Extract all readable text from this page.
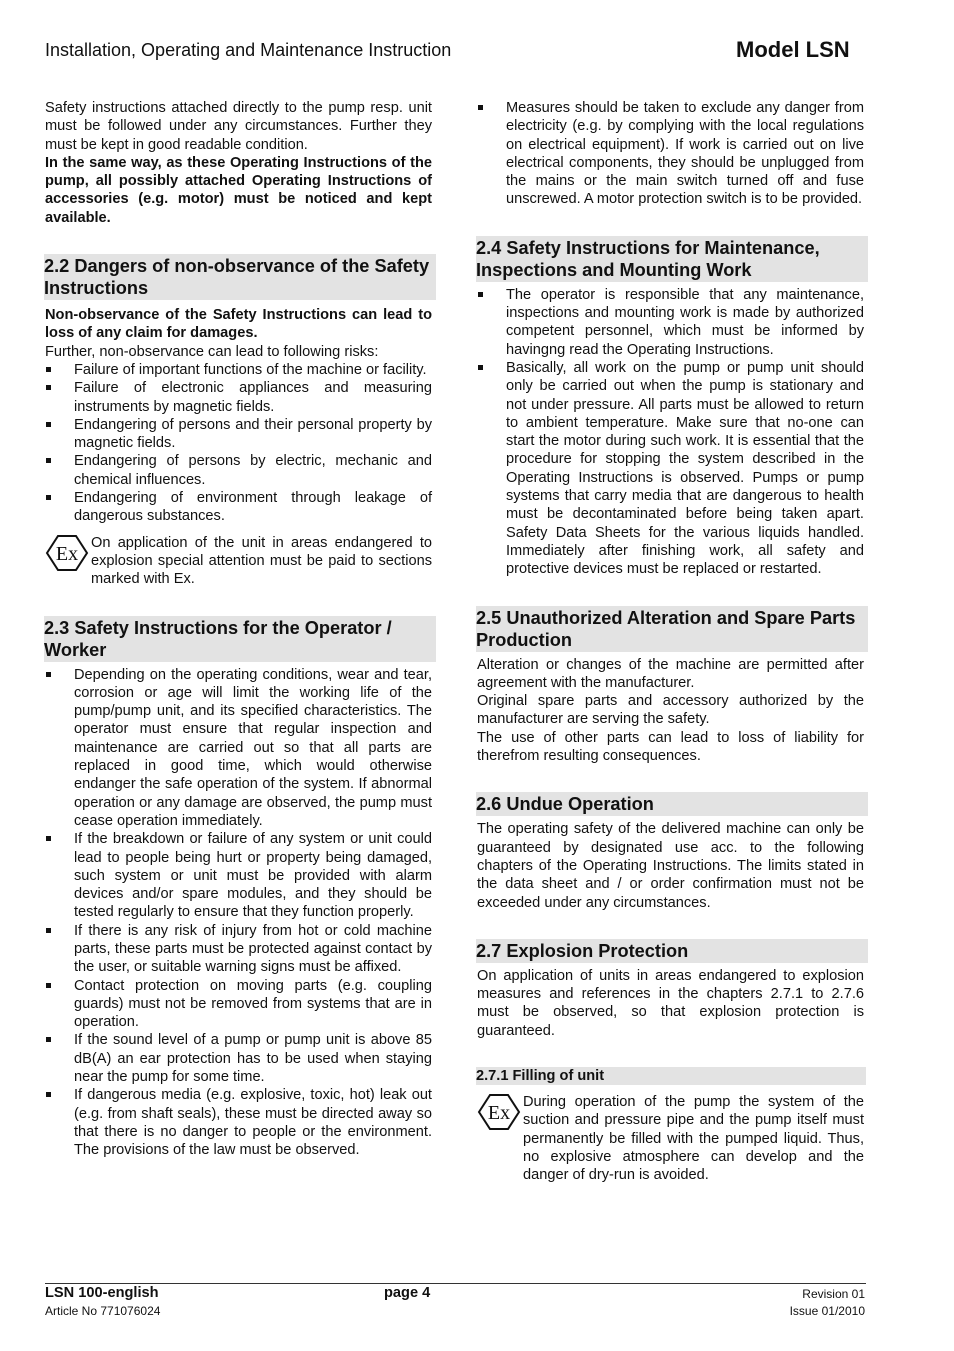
Installation, Operating and Maintenance Instruction	Model LSN

Safety instructions attached directly to the pump resp. unit must be followed under any circumstances. Further they must be kept in good readable condition.

In the same way, as these Operating Instructions of the pump, all possibly attached Operating Instructions of accessories (e.g. motor) must be noticed and kept available.

2.2 Dangers of non-observance of the Safety Instructions

Non-observance of the Safety Instructions can lead to loss of any claim for damages.

Further, non-observance can lead to following risks:

Failure of important functions of the machine or facility.
Failure of electronic appliances and measuring instruments by magnetic fields.
Endangering of persons and their personal property by magnetic fields.
Endangering of persons by electric, mechanic and chemical influences.
Endangering of environment through leakage of dangerous substances.
Ex On application of the unit in areas endangered to explosion special attention must be paid to sections marked with Ex.

2.3 Safety Instructions for the Operator / Worker
Depending on the operating conditions, wear and tear, corrosion or age will limit the working life of the pump/pump unit, and its specified characteristics. The operator must ensure that regular inspection and maintenance are carried out so that all parts are replaced in good time, which would otherwise endanger the safe operation of the system. If abnormal operation or any damage are observed, the pump must cease operation immediately.
If the breakdown or failure of any system or unit could lead to people being hurt or property being damaged, such system or unit must be provided with alarm devices and/or spare modules, and they should be tested regularly to ensure that they function properly.
If there is any risk of injury from hot or cold machine parts, these parts must be protected against contact by the user, or suitable warning signs must be affixed.
Contact protection on moving parts (e.g. coupling guards) must not be removed from systems that are in operation.
If the sound level of a pump or pump unit is above 85 dB(A) an ear protection has to be used when staying near the pump for some time.
If dangerous media (e.g. explosive, toxic, hot) leak out (e.g. from shaft seals), these must be directed away so that there is no danger to people or the environment. The provisions of the law must be observed.
Measures should be taken to exclude any danger from electricity (e.g. by complying with the local regulations on electrical equipment). If work is carried out on live electrical components, they should be unplugged from the mains or the main switch turned off and fuse unscrewed. A motor protection switch is to be provided.
2.4 Safety Instructions for Maintenance, Inspections and Mounting Work
The operator is responsible that any maintenance, inspections and mounting work is made by authorized competent personnel, which must be informed by havingng read the Operating Instructions.
Basically, all work on the pump or pump unit should only be carried out when the pump is stationary and not under pressure. All parts must be allowed to return to ambient temperature. Make sure that no-one can start the motor during such work. It is essential that the procedure for stopping the system described in the Operating Instructions is observed. Pumps or pump systems that carry media that are dangerous to health must be decontaminated before being taken apart. Safety Data Sheets for the various liquids handled. Immediately after finishing work, all safety and protective devices must be replaced or restarted.
2.5 Unauthorized Alteration and Spare Parts Production

Alteration or changes of the machine are permitted after agreement with the manufacturer.

Original spare parts and accessory authorized by the manufacturer are serving the safety.

The use of other parts can lead to loss of liability for therefrom resulting consequences.

2.6 Undue Operation

The operating safety of the delivered machine can only be guaranteed by designated use acc. to the following chapters of the Operating Instructions. The limits stated in the data sheet and / or order confirmation must not be exceeded under any circumstances.

2.7 Explosion Protection

On application of units in areas endangered to explosion measures and references in the chapters 2.7.1 to 2.7.6 must be observed, so that explosion protection is guaranteed.

2.7.1 Filling of unit
Ex During operation of the pump the system of the suction and pressure pipe and the pump itself must permanently be filled with the pumped liquid. Thus, no explosive atmosphere can develop and the danger of dry-run is avoided.

LSN 100-english
Article No 771076024
page 4	Revision 01
Issue 01/2010
